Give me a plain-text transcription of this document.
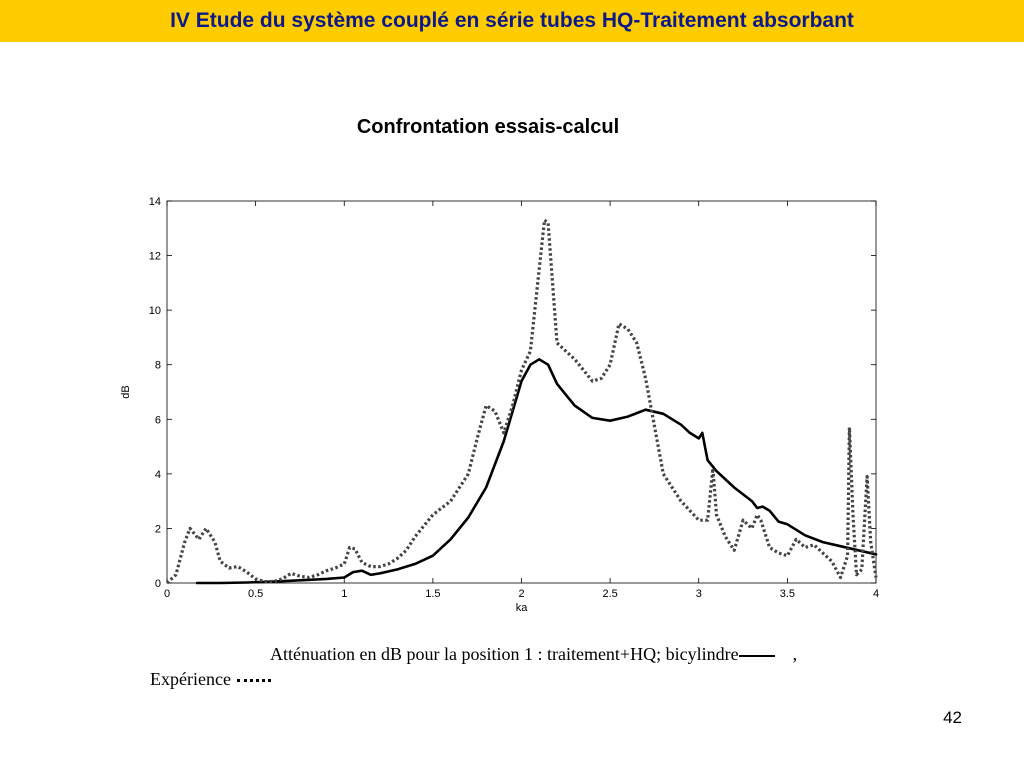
IV Etude du système couplé en série tubes HQ-Traitement absorbant
Confrontation essais-calcul
0	0.5	1	1.5	2	2.5	3	3.5	4
0
2
4
6
8
10
12
14
ka
dB
Atténuation en dB pour la position 1 : traitement+HQ; bicylindre	,
Expérience
42
